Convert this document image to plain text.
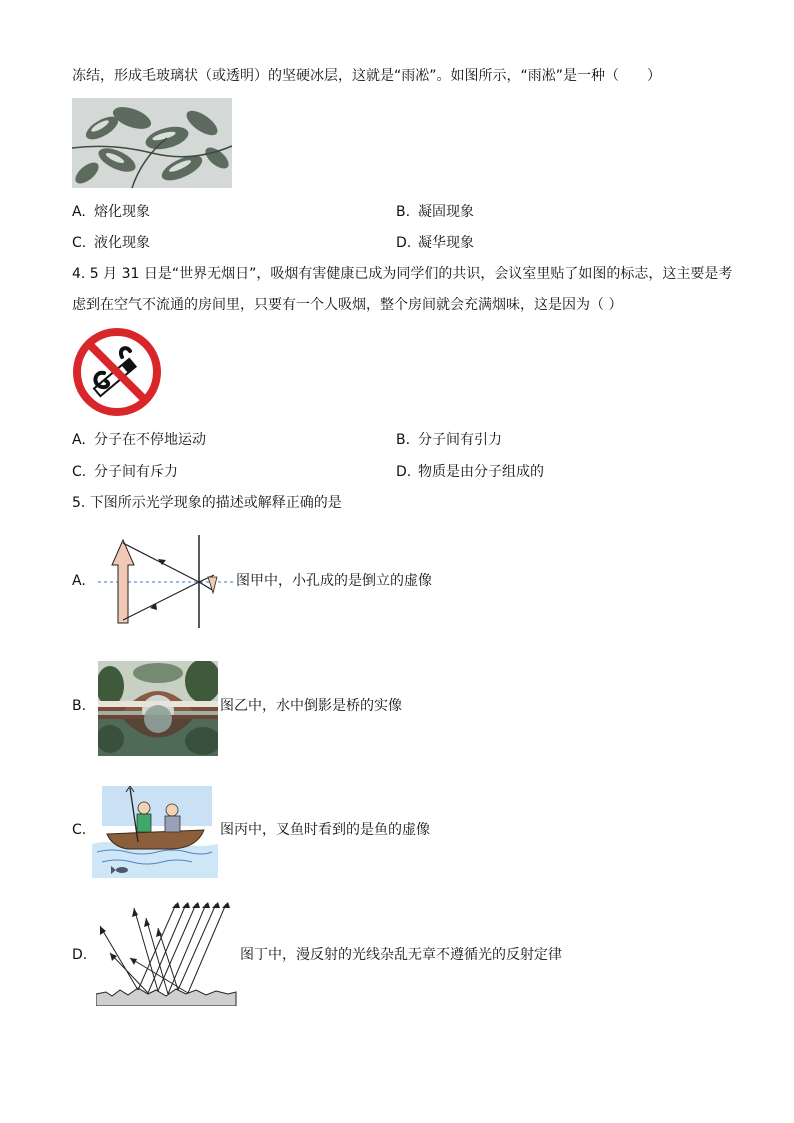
冻结，形成毛玻璃状（或透明）的坚硬冰层，这就是“雨凇”。如图所示，“雨凇”是一种（　　）
A. 熔化现象	B. 凝固现象
C. 液化现象	D. 凝华现象
4. 5 月 31 日是“世界无烟日”，吸烟有害健康已成为同学们的共识，会议室里贴了如图的标志，这主要是考
虑到在空气不流通的房间里，只要有一个人吸烟，整个房间就会充满烟味，这是因为（ ）
A. 分子在不停地运动	B. 分子间有引力
C. 分子间有斥力	D. 物质是由分子组成的
5. 下图所示光学现象的描述或解释正确的是
A.	图甲中，小孔成的是倒立的虚像
B.	图乙中，水中倒影是桥的实像
C.	图丙中，叉鱼时看到的是鱼的虚像
D.	图丁中，漫反射的光线杂乱无章不遵循光的反射定律
